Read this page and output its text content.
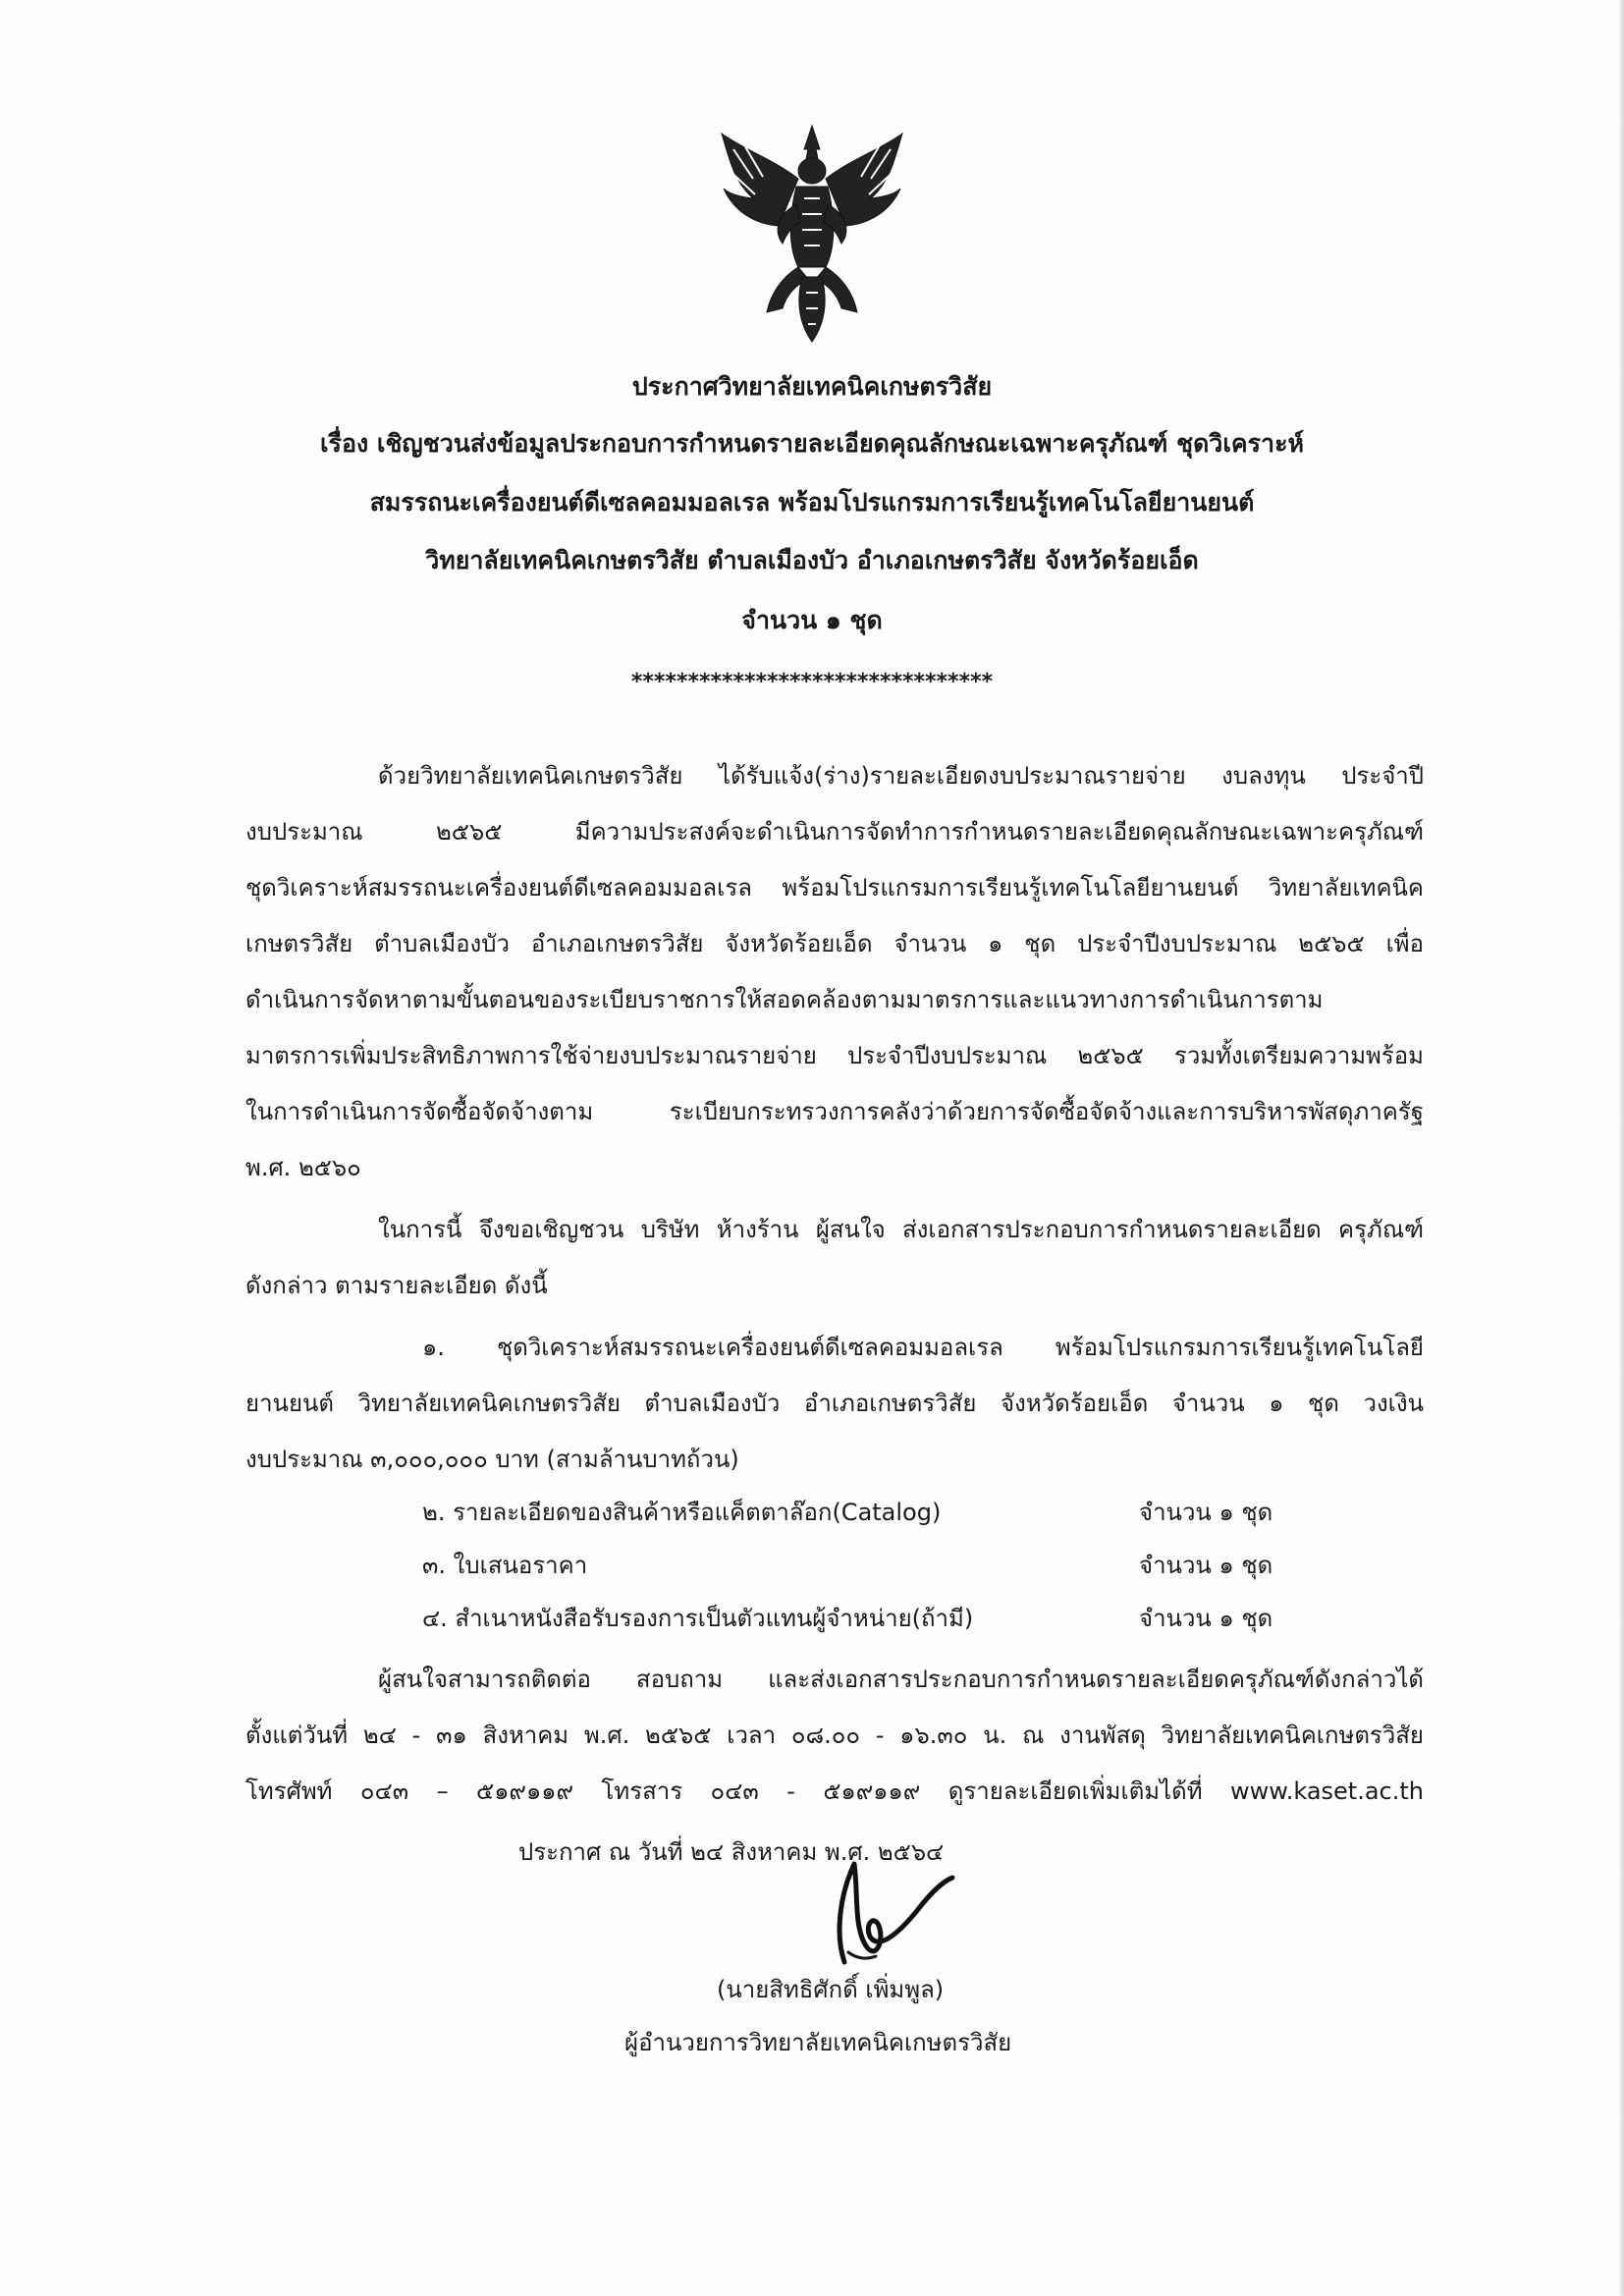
ประกาศวิทยาลัยเทคนิคเกษตรวิสัย
เรื่อง เชิญชวนส่งข้อมูลประกอบการกำหนดรายละเอียดคุณลักษณะเฉพาะครุภัณฑ์ ชุดวิเคราะห์
สมรรถนะเครื่องยนต์ดีเซลคอมมอลเรล พร้อมโปรแกรมการเรียนรู้เทคโนโลยียานยนต์
วิทยาลัยเทคนิคเกษตรวิสัย ตำบลเมืองบัว อำเภอเกษตรวิสัย จังหวัดร้อยเอ็ด
จำนวน ๑ ชุด
********************************
ด้วยวิทยาลัยเทคนิคเกษตรวิสัย ได้รับแจ้ง(ร่าง)รายละเอียดงบประมาณรายจ่าย งบลงทุน ประจำปี
งบประมาณ ๒๕๖๕ มีความประสงค์จะดำเนินการจัดทำการกำหนดรายละเอียดคุณลักษณะเฉพาะครุภัณฑ์
ชุดวิเคราะห์สมรรถนะเครื่องยนต์ดีเซลคอมมอลเรล พร้อมโปรแกรมการเรียนรู้เทคโนโลยียานยนต์ วิทยาลัยเทคนิค
เกษตรวิสัย ตำบลเมืองบัว อำเภอเกษตรวิสัย จังหวัดร้อยเอ็ด จำนวน ๑ ชุด ประจำปีงบประมาณ ๒๕๖๕ เพื่อ
ดำเนินการจัดหาตามขั้นตอนของระเบียบราชการให้สอดคล้องตามมาตรการและแนวทางการดำเนินการตาม
มาตรการเพิ่มประสิทธิภาพการใช้จ่ายงบประมาณรายจ่าย ประจำปีงบประมาณ ๒๕๖๕ รวมทั้งเตรียมความพร้อม
ในการดำเนินการจัดซื้อจัดจ้างตาม ระเบียบกระทรวงการคลังว่าด้วยการจัดซื้อจัดจ้างและการบริหารพัสดุภาครัฐ
พ.ศ. ๒๕๖๐
ในการนี้ จึงขอเชิญชวน บริษัท ห้างร้าน ผู้สนใจ ส่งเอกสารประกอบการกำหนดรายละเอียด ครุภัณฑ์
ดังกล่าว ตามรายละเอียด ดังนี้
๑. ชุดวิเคราะห์สมรรถนะเครื่องยนต์ดีเซลคอมมอลเรล พร้อมโปรแกรมการเรียนรู้เทคโนโลยี
ยานยนต์ วิทยาลัยเทคนิคเกษตรวิสัย ตำบลเมืองบัว อำเภอเกษตรวิสัย จังหวัดร้อยเอ็ด จำนวน ๑ ชุด วงเงิน
งบประมาณ ๓,๐๐๐,๐๐๐ บาท (สามล้านบาทถ้วน)
๒. รายละเอียดของสินค้าหรือแค็ตตาล๊อก(Catalog)	จำนวน ๑ ชุด
๓. ใบเสนอราคา	จำนวน ๑ ชุด
๔. สำเนาหนังสือรับรองการเป็นตัวแทนผู้จำหน่าย(ถ้ามี)	จำนวน ๑ ชุด
ผู้สนใจสามารถติดต่อ สอบถาม และส่งเอกสารประกอบการกำหนดรายละเอียดครุภัณฑ์ดังกล่าวได้
ตั้งแต่วันที่ ๒๔ - ๓๑ สิงหาคม พ.ศ. ๒๕๖๕ เวลา ๐๘.๐๐ - ๑๖.๓๐ น. ณ งานพัสดุ วิทยาลัยเทคนิคเกษตรวิสัย
โทรศัพท์ ๐๔๓ – ๕๑๙๑๑๙ โทรสาร ๐๔๓ - ๕๑๙๑๑๙ ดูรายละเอียดเพิ่มเติมได้ที่ www.kaset.ac.th
ประกาศ ณ วันที่ ๒๔ สิงหาคม พ.ศ. ๒๕๖๔
(นายสิทธิศักดิ์ เพิ่มพูล)
ผู้อำนวยการวิทยาลัยเทคนิคเกษตรวิสัย
